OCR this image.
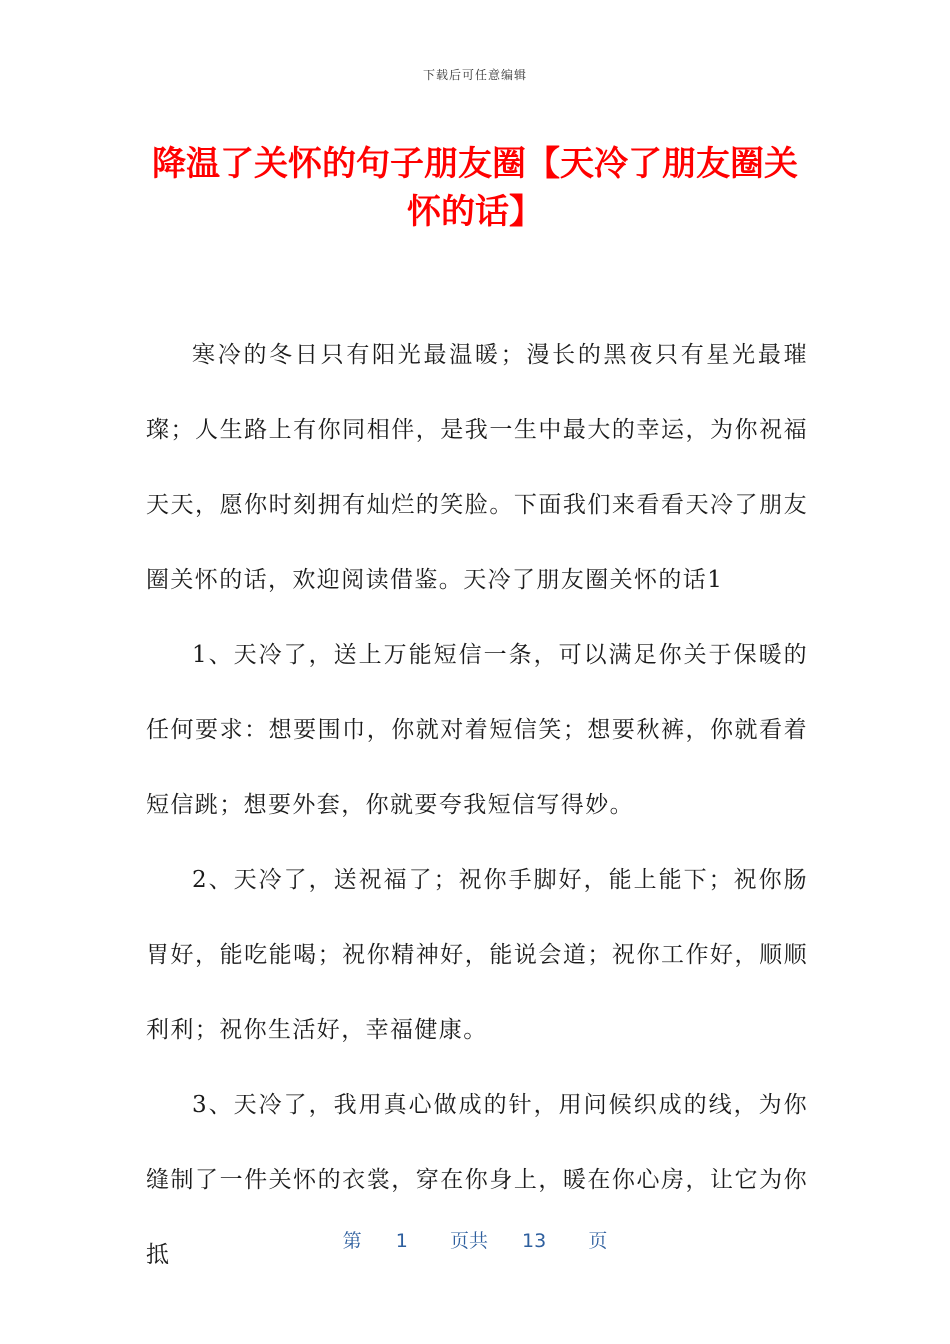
下载后可任意编辑
降温了关怀的句子朋友圈【天冷了朋友圈关怀的话】

寒冷的冬日只有阳光最温暖；漫长的黑夜只有星光最璀璨；人生路上有你同相伴，是我一生中最大的幸运，为你祝福天天，愿你时刻拥有灿烂的笑脸。下面我们来看看天冷了朋友圈关怀的话，欢迎阅读借鉴。天冷了朋友圈关怀的话1

1、天冷了，送上万能短信一条，可以满足你关于保暖的任何要求：想要围巾，你就对着短信笑；想要秋裤，你就看着短信跳；想要外套，你就要夸我短信写得妙。

2、天冷了，送祝福了；祝你手脚好，能上能下；祝你肠胃好，能吃能喝；祝你精神好，能说会道；祝你工作好，顺顺利利；祝你生活好，幸福健康。

3、天冷了，我用真心做成的针，用问候织成的线，为你缝制了一件关怀的衣裳，穿在你身上，暖在你心房，让它为你抵

第 1 页共 13 页
